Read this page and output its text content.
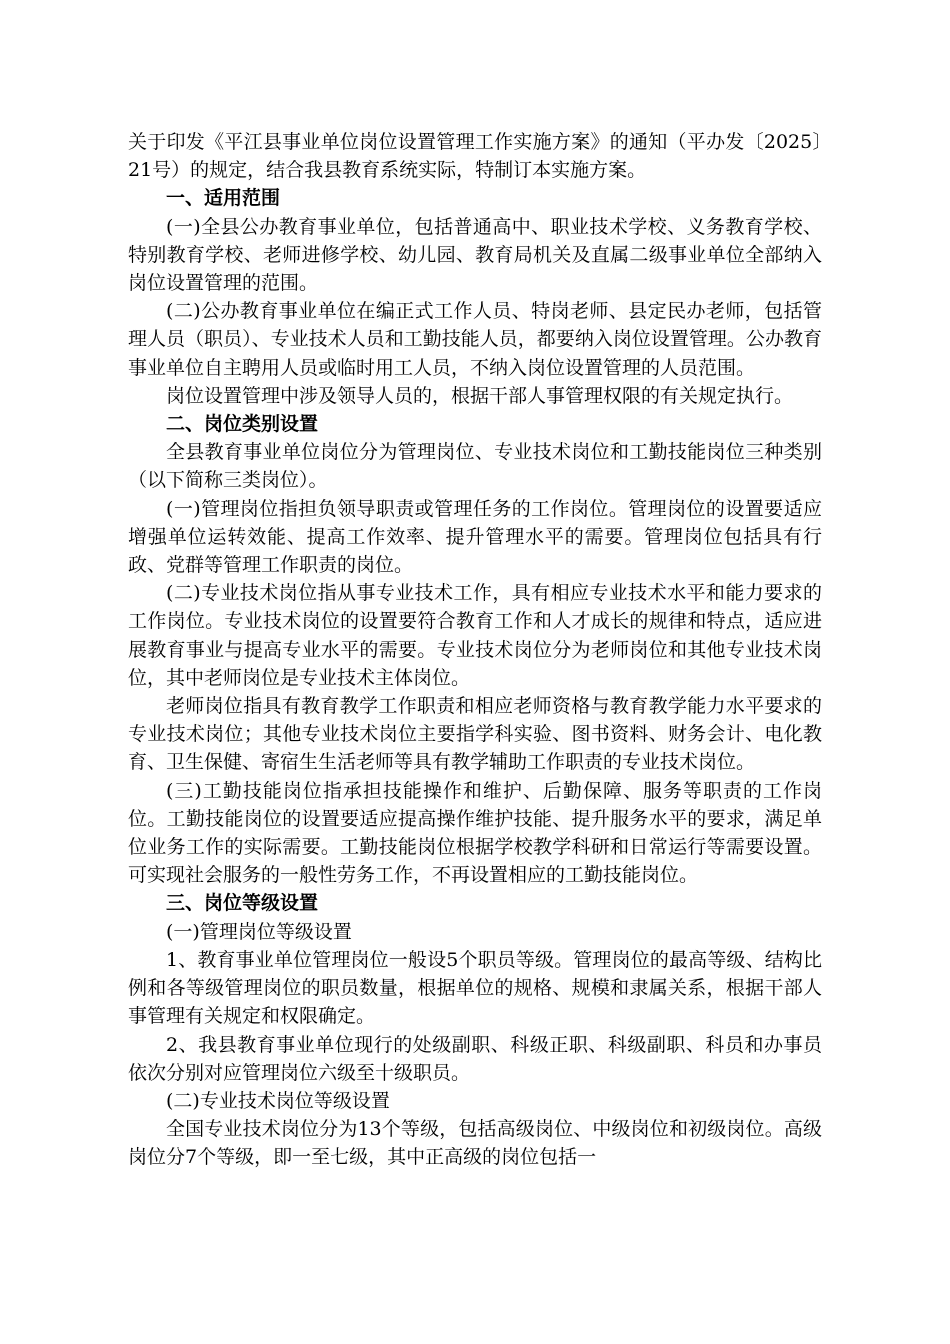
关于印发《平江县事业单位岗位设置管理工作实施方案》的通知（平办发〔2025〕21号）的规定，结合我县教育系统实际，特制订本实施方案。

一、适用范围

(一)全县公办教育事业单位，包括普通高中、职业技术学校、义务教育学校、特别教育学校、老师进修学校、幼儿园、教育局机关及直属二级事业单位全部纳入岗位设置管理的范围。

(二)公办教育事业单位在编正式工作人员、特岗老师、县定民办老师，包括管理人员（职员）、专业技术人员和工勤技能人员，都要纳入岗位设置管理。公办教育事业单位自主聘用人员或临时用工人员，不纳入岗位设置管理的人员范围。

岗位设置管理中涉及领导人员的，根据干部人事管理权限的有关规定执行。

二、岗位类别设置

全县教育事业单位岗位分为管理岗位、专业技术岗位和工勤技能岗位三种类别（以下简称三类岗位）。

(一)管理岗位指担负领导职责或管理任务的工作岗位。管理岗位的设置要适应增强单位运转效能、提高工作效率、提升管理水平的需要。管理岗位包括具有行政、党群等管理工作职责的岗位。

(二)专业技术岗位指从事专业技术工作，具有相应专业技术水平和能力要求的工作岗位。专业技术岗位的设置要符合教育工作和人才成长的规律和特点，适应进展教育事业与提高专业水平的需要。专业技术岗位分为老师岗位和其他专业技术岗位，其中老师岗位是专业技术主体岗位。

老师岗位指具有教育教学工作职责和相应老师资格与教育教学能力水平要求的专业技术岗位；其他专业技术岗位主要指学科实验、图书资料、财务会计、电化教育、卫生保健、寄宿生生活老师等具有教学辅助工作职责的专业技术岗位。

(三)工勤技能岗位指承担技能操作和维护、后勤保障、服务等职责的工作岗位。工勤技能岗位的设置要适应提高操作维护技能、提升服务水平的要求，满足单位业务工作的实际需要。工勤技能岗位根据学校教学科研和日常运行等需要设置。可实现社会服务的一般性劳务工作，不再设置相应的工勤技能岗位。

三、岗位等级设置

(一)管理岗位等级设置

1、教育事业单位管理岗位一般设5个职员等级。管理岗位的最高等级、结构比例和各等级管理岗位的职员数量，根据单位的规格、规模和隶属关系，根据干部人事管理有关规定和权限确定。

2、我县教育事业单位现行的处级副职、科级正职、科级副职、科员和办事员依次分别对应管理岗位六级至十级职员。

(二)专业技术岗位等级设置

全国专业技术岗位分为13个等级，包括高级岗位、中级岗位和初级岗位。高级岗位分7个等级，即一至七级，其中正高级的岗位包括一
